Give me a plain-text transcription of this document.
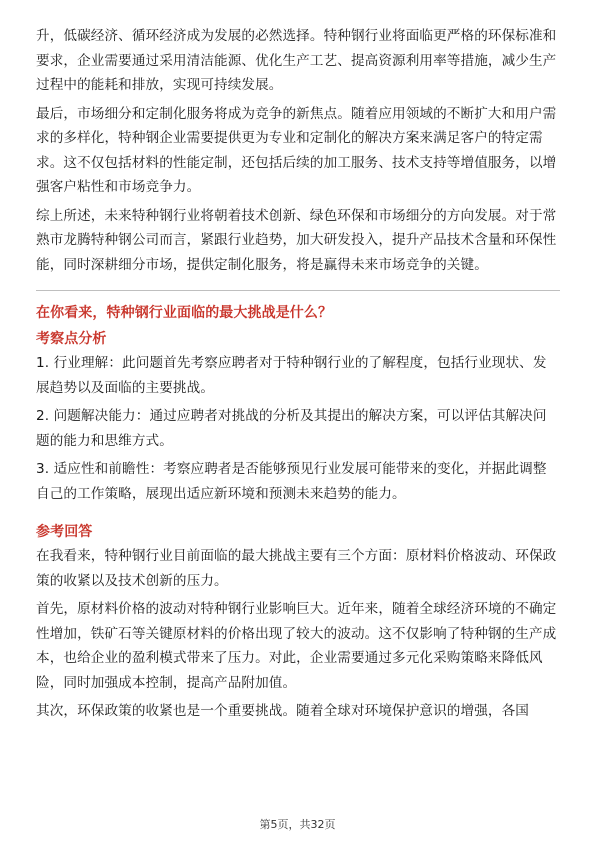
升，低碳经济、循环经济成为发展的必然选择。特种钢行业将面临更严格的环保标准和要求，企业需要通过采用清洁能源、优化生产工艺、提高资源利用率等措施，减少生产过程中的能耗和排放，实现可持续发展。

最后，市场细分和定制化服务将成为竞争的新焦点。随着应用领域的不断扩大和用户需求的多样化，特种钢企业需要提供更为专业和定制化的解决方案来满足客户的特定需求。这不仅包括材料的性能定制，还包括后续的加工服务、技术支持等增值服务，以增强客户粘性和市场竞争力。

综上所述，未来特种钢行业将朝着技术创新、绿色环保和市场细分的方向发展。对于常熟市龙腾特种钢公司而言，紧跟行业趋势，加大研发投入，提升产品技术含量和环保性能，同时深耕细分市场，提供定制化服务，将是赢得未来市场竞争的关键。

在你看来，特种钢行业面临的最大挑战是什么？

考察点分析

1. 行业理解：此问题首先考察应聘者对于特种钢行业的了解程度，包括行业现状、发展趋势以及面临的主要挑战。

2. 问题解决能力：通过应聘者对挑战的分析及其提出的解决方案，可以评估其解决问题的能力和思维方式。

3. 适应性和前瞻性：考察应聘者是否能够预见行业发展可能带来的变化，并据此调整自己的工作策略，展现出适应新环境和预测未来趋势的能力。

参考回答

在我看来，特种钢行业目前面临的最大挑战主要有三个方面：原材料价格波动、环保政策的收紧以及技术创新的压力。

首先，原材料价格的波动对特种钢行业影响巨大。近年来，随着全球经济环境的不确定性增加，铁矿石等关键原材料的价格出现了较大的波动。这不仅影响了特种钢的生产成本，也给企业的盈利模式带来了压力。对此，企业需要通过多元化采购策略来降低风险，同时加强成本控制，提高产品附加值。

其次，环保政策的收紧也是一个重要挑战。随着全球对环境保护意识的增强，各国

第5页，共32页
